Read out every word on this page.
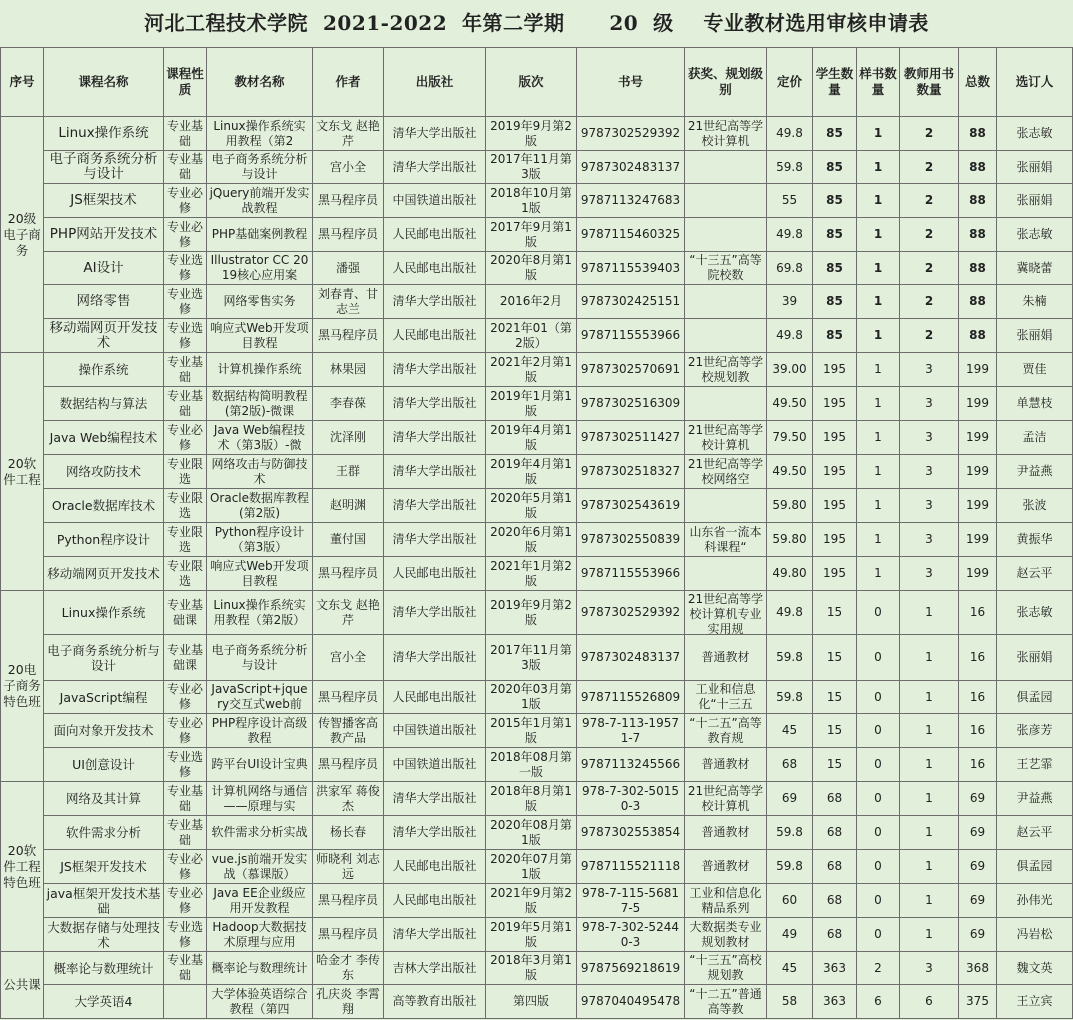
河北工程技术学院  2021-2022  年第二学期      20  级    专业教材选用审核申请表
序号	课程名称	课程性质	教材名称	作者	出版社	版次	书号	获奖、规划级别	定价	学生数量	样书数量	教师用书数量	总数	选订人
20级电子商务	Linux操作系统	专业基础	Linux操作系统实用教程（第2	文东戈 赵艳芹	清华大学出版社	2019年9月第2版	9787302529392	21世纪高等学校计算机	49.8	85	1	2	88	张志敏

	电子商务系统分析与设计	专业基础	电子商务系统分析与设计	宫小全	清华大学出版社	2017年11月第3版	9787302483137		59.8	85	1	2	88	张丽娟

	JS框架技术	专业必修	jQuery前端开发实战教程	黑马程序员	中国铁道出版社	2018年10月第1版	9787113247683		55	85	1	2	88	张丽娟

	PHP网站开发技术	专业必修	PHP基础案例教程	黑马程序员	人民邮电出版社	2017年9月第1版	9787115460325		49.8	85	1	2	88	张志敏

	AI设计	专业选修	Illustrator CC 2019核心应用案	潘强	人民邮电出版社	2020年8月第1版	9787115539403	“十三五”高等院校数	69.8	85	1	2	88	冀晓蕾

	网络零售	专业选修	网络零售实务	刘春青、甘志兰	清华大学出版社	2016年2月	9787302425151		39	85	1	2	88	朱楠

	移动端网页开发技术	专业选修	响应式Web开发项目教程	黑马程序员	人民邮电出版社	2021年01（第2版）	9787115553966		49.8	85	1	2	88	张丽娟

20软件工程	操作系统	专业基础	计算机操作系统	林果园	清华大学出版社	2021年2月第1版	9787302570691	21世纪高等学校规划教	39.00	195	1	3	199	贾佳

	数据结构与算法	专业基础	数据结构简明教程(第2版)-微课	李春葆	清华大学出版社	2019年1月第1版	9787302516309		49.50	195	1	3	199	单慧枝

	Java Web编程技术	专业必修	Java Web编程技术（第3版）-微	沈泽刚	清华大学出版社	2019年4月第1版	9787302511427	21世纪高等学校计算机	79.50	195	1	3	199	孟洁

	网络攻防技术	专业限选	网络攻击与防御技术	王群	清华大学出版社	2019年4月第1版	9787302518327	21世纪高等学校网络空	49.50	195	1	3	199	尹益燕

	Oracle数据库技术	专业限选	Oracle数据库教程(第2版)	赵明渊	清华大学出版社	2020年5月第1版	9787302543619		59.80	195	1	3	199	张波

	Python程序设计	专业限选	Python程序设计（第3版）	董付国	清华大学出版社	2020年6月第1版	9787302550839	山东省一流本科课程“	59.80	195	1	3	199	黄振华

	移动端网页开发技术	专业限选	响应式Web开发项目教程	黑马程序员	人民邮电出版社	2021年1月第2版	9787115553966		49.80	195	1	3	199	赵云平

20电子商务特色班	Linux操作系统	专业基础课	Linux操作系统实用教程（第2版）	文东戈 赵艳芹	清华大学出版社	2019年9月第2版	9787302529392	21世纪高等学校计算机专业实用规	49.8	15	0	1	16	张志敏

	电子商务系统分析与设计	专业基础课	电子商务系统分析与设计	宫小全	清华大学出版社	2017年11月第3版	9787302483137	普通教材	59.8	15	0	1	16	张丽娟

	JavaScript编程	专业必修	JavaScript+jquery交互式web前	黑马程序员	人民邮电出版社	2020年03月第1版	9787115526809	工业和信息化“十三五	59.8	15	0	1	16	俱孟园

	面向对象开发技术	专业必修	PHP程序设计高级教程	传智播客高教产品	中国铁道出版社	2015年1月第1版	978-7-113-19571-7	“十二五”高等教育规	45	15	0	1	16	张彦芳

	UI创意设计	专业选修	跨平台UI设计宝典	黑马程序员	中国铁道出版社	2018年08月第一版	9787113245566	普通教材	68	15	0	1	16	王艺霏

20软件工程特色班	网络及其计算	专业基础	计算机网络与通信——原理与实	洪家军 蒋俊杰	清华大学出版社	2018年8月第1版	978-7-302-50150-3	21世纪高等学校计算机	69	68	0	1	69	尹益燕

	软件需求分析	专业基础	软件需求分析实战	杨长春	清华大学出版社	2020年08月第1版	9787302553854	普通教材	59.8	68	0	1	69	赵云平

	JS框架开发技术	专业必修	vue.js前端开发实战（慕课版）	师晓利 刘志远	人民邮电出版社	2020年07月第1版	9787115521118	普通教材	59.8	68	0	1	69	俱孟园

	java框架开发技术基础	专业必修	Java EE企业级应用开发教程	黑马程序员	人民邮电出版社	2021年9月第2版	978-7-115-56817-5	工业和信息化精品系列	60	68	0	1	69	孙伟光

	大数据存储与处理技术	专业选修	Hadoop大数据技术原理与应用	黑马程序员	清华大学出版社	2019年5月第1版	978-7-302-52440-3	大数据类专业规划教材	49	68	0	1	69	冯岩松

公共课	概率论与数理统计	专业基础	概率论与数理统计	哈金才 李传东	吉林大学出版社	2018年3月第1版	9787569218619	“十三五”高校规划教	45	363	2	3	368	魏文英

	大学英语4		大学体验英语综合教程（第四	孔庆炎 李霄翔	高等教育出版社	第四版	9787040495478	“十二五”普通高等教	58	363	6	6	375	王立宾
